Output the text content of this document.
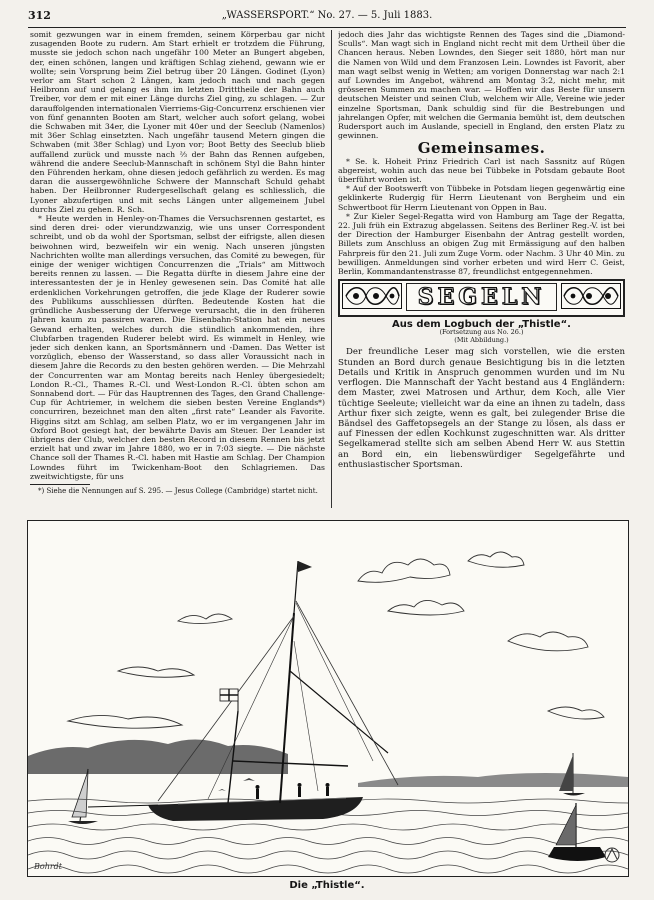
312	„WASSERSPORT.“ No. 27. — 5. Juli 1883.

somit gezwungen war in einem fremden, seinem Körperbau gar nicht zusagenden Boote zu rudern. Am Start erhielt er trotzdem die Führung, musste sie jedoch schon nach ungefähr 100 Meter an Bungert abgeben, der, einen schönen, langen und kräftigen Schlag ziehend, gewann wie er wollte; sein Vorsprung beim Ziel betrug über 20 Längen. Godinet (Lyon) verlor am Start schon 2 Längen, kam jedoch nach und nach gegen Heilbronn auf und gelang es ihm im letzten Dritttheile der Bahn auch Treiber, vor dem er mit einer Länge durchs Ziel ging, zu schlagen. — Zur darauffolgenden internationalen Vierriems-Gig-Concurrenz erschienen vier von fünf genannten Booten am Start, welcher auch sofort gelang, wobei die Schwaben mit 34er, die Lyoner mit 40er und der Seeclub (Namenlos) mit 36er Schlag einsetzten. Nach ungefähr tausend Metern gingen die Schwaben (mit 38er Schlag) und Lyon vor; Boot Betty des Seeclub blieb auffallend zurück und musste nach ⅔ der Bahn das Rennen aufgeben, während die andere Seeclub-Mannschaft in schönem Styl die Bahn hinter den Führenden herkam, ohne diesen jedoch gefährlich zu werden. Es mag daran die aussergewöhnliche Schwere der Mannschaft Schuld gehabt haben. Der Heilbronner Rudergesellschaft gelang es schliesslich, die Lyoner abzufertigen und mit sechs Längen unter allgemeinem Jubel durchs Ziel zu gehen. R. Sch.

* Heute werden in Henley-on-Thames die Versuchsrennen gestartet, es sind deren drei- oder vierundzwanzig, wie uns unser Correspondent schreibt, und ob da wohl der Sportsman, selbst der eifrigste, allen diesen beiwohnen wird, bezweifeln wir ein wenig. Nach unseren jüngsten Nachrichten wollte man allerdings versuchen, das Comité zu bewegen, für einige der weniger wichtigen Concurrenzen die „Trials“ am Mittwoch bereits rennen zu lassen. — Die Regatta dürfte in diesem Jahre eine der interessantesten der je in Henley gewesenen sein. Das Comité hat alle erdenklichen Vorkehrungen getroffen, die jede Klage der Ruderer sowie des Publikums ausschliessen dürften. Bedeutende Kosten hat die gründliche Ausbesserung der Uferwege verursacht, die in den früheren Jahren kaum zu passiren waren. Die Eisenbahn-Station hat ein neues Gewand erhalten, welches durch die stündlich ankommenden, ihre Clubfarben tragenden Ruderer belebt wird. Es wimmelt in Henley, wie jeder sich denken kann, an Sportsmännern und -Damen. Das Wetter ist vorzüglich, ebenso der Wasserstand, so dass aller Voraussicht nach in diesem Jahre die Records zu den besten gehören werden. — Die Mehrzahl der Concurrenten war am Montag bereits nach Henley übergesiedelt; London R.-Cl., Thames R.-Cl. und West-London R.-Cl. übten schon am Sonnabend dort. — Für das Hauptrennen des Tages, den Grand Challenge-Cup für Achtriemer, in welchem die sieben besten Vereine Englands*) concurriren, bezeichnet man den alten „first rate“ Leander als Favorite. Higgins sitzt am Schlag, am selben Platz, wo er im vergangenen Jahr im Oxford Boot gesiegt hat, der bewährte Davis am Steuer. Der Leander ist übrigens der Club, welcher den besten Record in diesem Rennen bis jetzt erzielt hat und zwar im Jahre 1880, wo er in 7:03 siegte. — Die nächste Chance soll der Thames R.-Cl. haben mit Hastie am Schlag. Der Champion Lowndes führt im Twickenham-Boot den Schlagriemen. Das zweitwichtigste, für uns

*) Siehe die Nennungen auf S. 295. — Jesus College (Cambridge) startet nicht.

jedoch dies Jahr das wichtigste Rennen des Tages sind die „Diamond-Sculls“. Man wagt sich in England nicht recht mit dem Urtheil über die Chancen heraus. Neben Lowndes, den Sieger seit 1880, hört man nur die Namen von Wild und dem Franzosen Lein. Lowndes ist Favorit, aber man wagt selbst wenig in Wetten; am vorigen Donnerstag war nach 2:1 auf Lowndes im Angebot, während am Montag 3:2, nicht mehr, mit grösseren Summen zu machen war. — Hoffen wir das Beste für unsern deutschen Meister und seinen Club, welchem wir Alle, Vereine wie jeder einzelne Sportsman, Dank schuldig sind für die Bestrebungen und jahrelangen Opfer, mit welchen die Germania bemüht ist, dem deutschen Rudersport auch im Auslande, speciell in England, den ersten Platz zu gewinnen.

Gemeinsames.

* Se. k. Hoheit Prinz Friedrich Carl ist nach Sassnitz auf Rügen abgereist, wohin auch das neue bei Tübbeke in Potsdam gebaute Boot überführt worden ist.

* Auf der Bootswerft von Tübbeke in Potsdam liegen gegenwärtig eine geklinkerte Rudergig für Herrn Lieutenant von Bergheim und ein Schwertboot für Herrn Lieutenant von Oppen in Bau.

* Zur Kieler Segel-Regatta wird von Hamburg am Tage der Regatta, 22. Juli früh ein Extrazug abgelassen. Seitens des Berliner Reg.-V. ist bei der Direction der Hamburger Eisenbahn der Antrag gestellt worden, Billets zum Anschluss an obigen Zug mit Ermässigung auf den halben Fahrpreis für den 21. Juli zum Zuge Vorm. oder Nachm. 3 Uhr 40 Min. zu bewilligen. Anmeldungen sind vorher erbeten und wird Herr C. Geist, Berlin, Kommandantenstrasse 87, freundlichst entgegennehmen.

SEGELN
Aus dem Logbuch der „Thistle“.
(Fortsetzung aus No. 26.)
(Mit Abbildung.)

Der freundliche Leser mag sich vorstellen, wie die ersten Stunden an Bord durch genaue Besichtigung bis in die letzten Details und Kritik in Anspruch genommen wurden und im Nu verflogen. Die Mannschaft der Yacht bestand aus 4 Engländern: dem Master, zwei Matrosen und Arthur, dem Koch, alle Vier tüchtige Seeleute; vielleicht war da eine an ihnen zu tadeln, dass Arthur fixer sich zeigte, wenn es galt, bei zulegender Brise die Bändsel des Gaffetopsegels an der Stange zu lösen, als dass er auf Finessen der edlen Kochkunst zugeschnitten war. Als dritter Segelkamerad stellte sich am selben Abend Herr W. aus Stettin an Bord ein, ein liebenswürdiger Segelgefährte und enthusiastischer Sportsman.

Bohrdt
Die „Thistle“.
